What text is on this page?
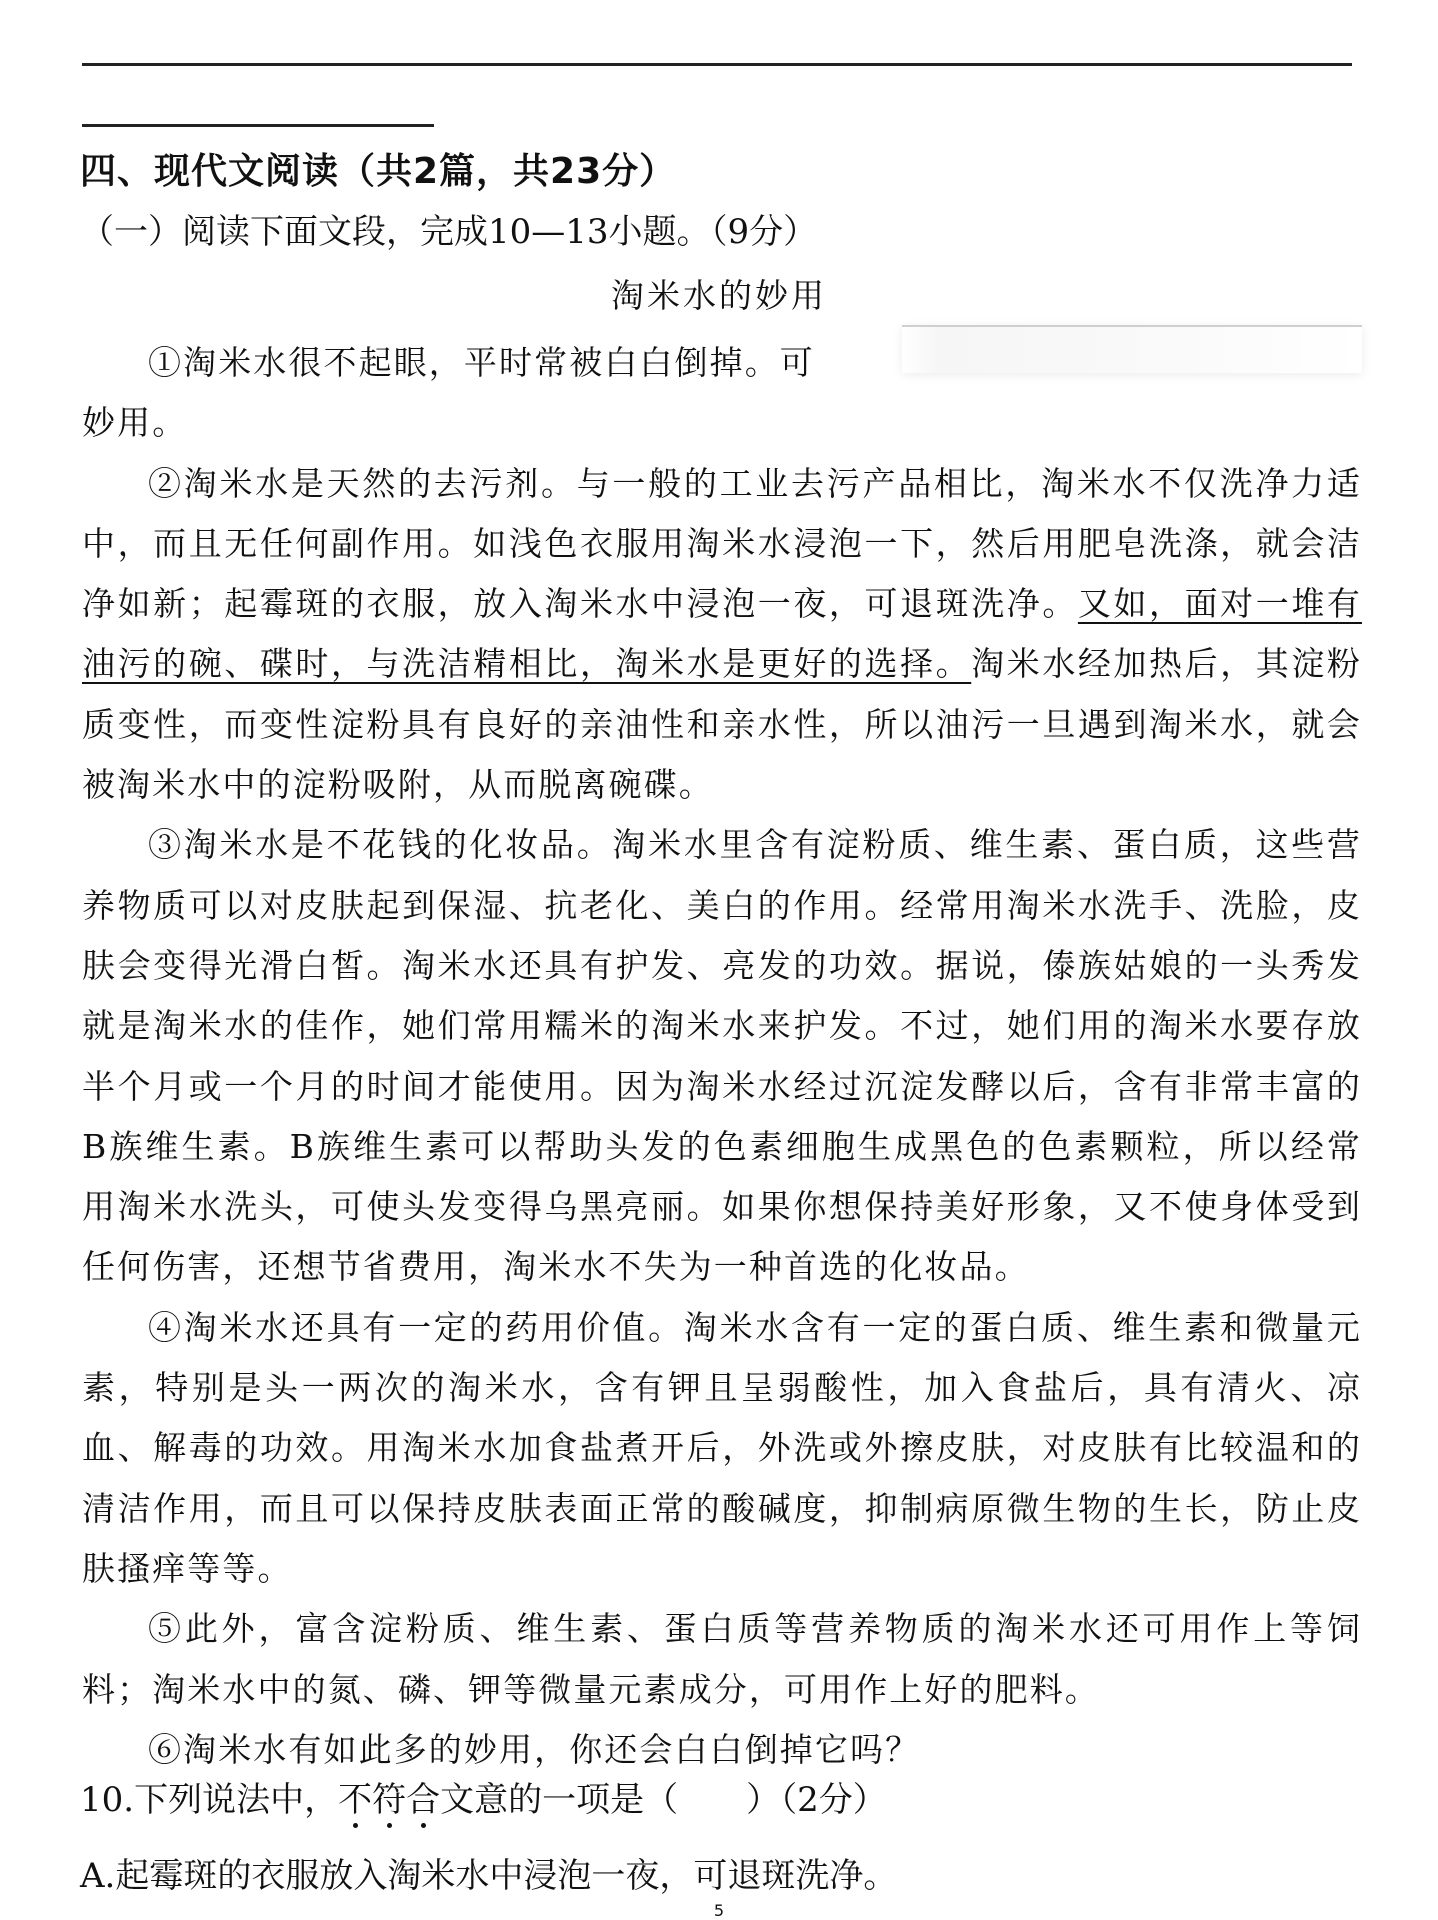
四、现代文阅读（共2篇，共23分）
（一）阅读下面文段，完成10—13小题。（9分）
淘米水的妙用

①淘米水很不起眼，平时常被白白倒掉。可

妙用。

②淘米水是天然的去污剂。与一般的工业去污产品相比，淘米水不仅洗净力适中，而且无任何副作用。如浅色衣服用淘米水浸泡一下，然后用肥皂洗涤，就会洁净如新；起霉斑的衣服，放入淘米水中浸泡一夜，可退斑洗净。又如，面对一堆有油污的碗、碟时，与洗洁精相比，淘米水是更好的选择。淘米水经加热后，其淀粉质变性，而变性淀粉具有良好的亲油性和亲水性，所以油污一旦遇到淘米水，就会被淘米水中的淀粉吸附，从而脱离碗碟。

③淘米水是不花钱的化妆品。淘米水里含有淀粉质、维生素、蛋白质，这些营养物质可以对皮肤起到保湿、抗老化、美白的作用。经常用淘米水洗手、洗脸，皮肤会变得光滑白皙。淘米水还具有护发、亮发的功效。据说，傣族姑娘的一头秀发就是淘米水的佳作，她们常用糯米的淘米水来护发。不过，她们用的淘米水要存放半个月或一个月的时间才能使用。因为淘米水经过沉淀发酵以后，含有非常丰富的B族维生素。B族维生素可以帮助头发的色素细胞生成黑色的色素颗粒，所以经常用淘米水洗头，可使头发变得乌黑亮丽。如果你想保持美好形象，又不使身体受到任何伤害，还想节省费用，淘米水不失为一种首选的化妆品。

④淘米水还具有一定的药用价值。淘米水含有一定的蛋白质、维生素和微量元素，特别是头一两次的淘米水，含有钾且呈弱酸性，加入食盐后，具有清火、凉血、解毒的功效。用淘米水加食盐煮开后，外洗或外擦皮肤，对皮肤有比较温和的清洁作用，而且可以保持皮肤表面正常的酸碱度，抑制病原微生物的生长，防止皮肤搔痒等等。

⑤此外，富含淀粉质、维生素、蛋白质等营养物质的淘米水还可用作上等饲料；淘米水中的氮、磷、钾等微量元素成分，可用作上好的肥料。

⑥淘米水有如此多的妙用，你还会白白倒掉它吗？

10.下列说法中，不符合文意的一项是（　　）（2分）
A.起霉斑的衣服放入淘米水中浸泡一夜，可退斑洗净。
5
